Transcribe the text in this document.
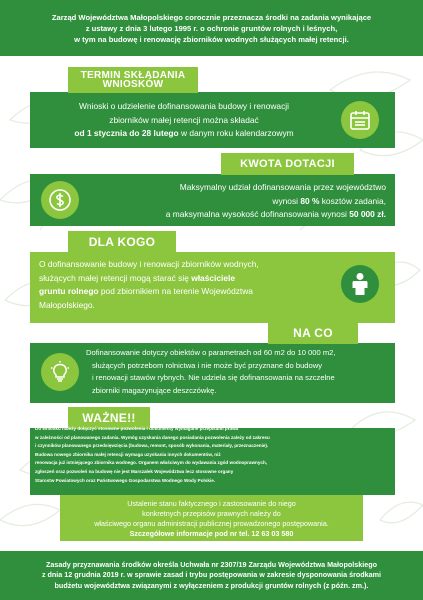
Zarząd Województwa Małopolskiego corocznie przeznacza środki na zadania wynikające
z ustawy z dnia 3 lutego 1995 r. o ochronie gruntów rolnych i leśnych,
w tym na budowę i renowację zbiorników wodnych służących małej retencji.

TERMIN SKŁADANIA WNIOSKÓW
Wnioski o udzielenie dofinansowania budowy i renowacji
zbiorników małej retencji można składać
od 1 stycznia do 28 lutego w danym roku kalendarzowym
KWOTA DOTACJI
Maksymalny udział dofinansowania przez województwo
wynosi 80 % kosztów zadania,
a maksymalna wysokość dofinansowania wynosi 50 000 zł.
DLA KOGO
O dofinansowanie budowy i renowacji zbiorników wodnych,
służących małej retencji mogą starać się właściciele
gruntu rolnego pod zbiornikiem na terenie Województwa
Małopolskiego.
NA CO
Dofinansowanie dotyczy obiektów o parametrach od 60 m2 do 10 000 m2,
służących potrzebom rolnictwa i nie może być przyznane do budowy
i renowacji stawów rybnych. Nie udziela się dofinansowania na szczelne
zbiorniki magazynujące deszczówkę.
WAŻNE!!
Do wniosku należy dołączyć stosowne pozwolenia i dokumenty wymagane przepisami prawa
w zależności od planowanego zadania. Wymóg uzyskania danego posiadania pozwolenia zależy od zakresu
i czynników planowanego przedsięwzięcia (budowa, remont, sposób wykonania, materiały, przeznaczenie).
Budowa nowego zbiornika małej retencji wymaga uzyskania innych dokumentów, niż
renowacja już istniejącego zbiornika wodnego. Organem właściwym do wydawania zgód wodnoprawnych,
zgłoszeń oraz pozwoleń na budowę nie jest Marszałek Województwa lecz stosowne organy
Starostw Powiatowych oraz Państwowego Gospodarstwa Wodnego Wody Polskie.
Ustalenie stanu faktycznego i zastosowanie do niego
konkretnych przepisów prawnych należy do
właściwego organu administracji publicznej prowadzonego postępowania.
Szczegółowe informacje pod nr tel. 12 63 03 580

Zasady przyznawania środków określa Uchwała nr 2307/19 Zarządu Województwa Małopolskiego
z dnia 12 grudnia 2019 r. w sprawie zasad i trybu postępowania w zakresie dysponowania środkami
budżetu województwa związanymi z wyłączeniem z produkcji gruntów rolnych (z późn. zm.).
